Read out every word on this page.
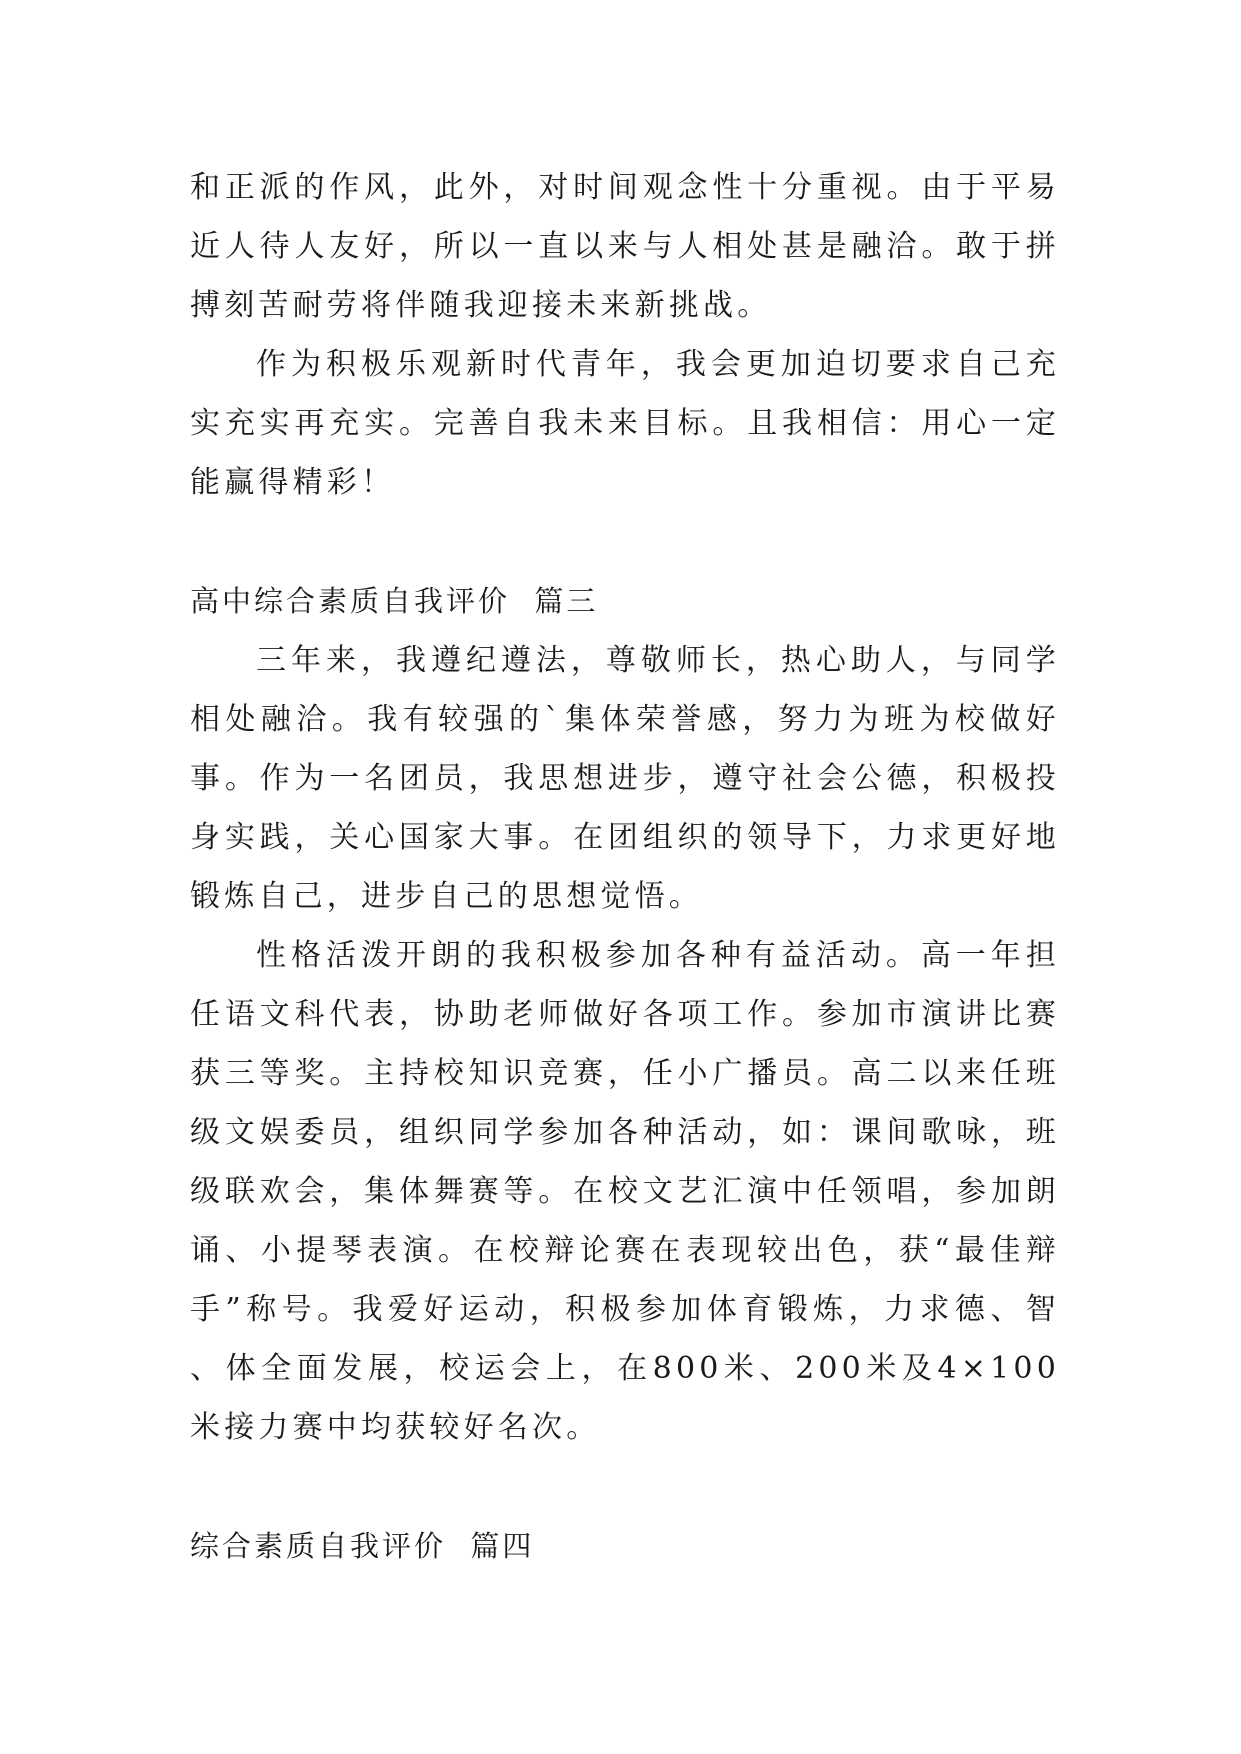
和正派的作风，此外，对时间观念性十分重视。由于平易近人待人友好，所以一直以来与人相处甚是融洽。敢于拼搏刻苦耐劳将伴随我迎接未来新挑战。

作为积极乐观新时代青年，我会更加迫切要求自己充实充实再充实。完善自我未来目标。且我相信：用心一定能赢得精彩！

高中综合素质自我评价  篇三

三年来，我遵纪遵法，尊敬师长，热心助人，与同学相处融洽。我有较强的`集体荣誉感，努力为班为校做好事。作为一名团员，我思想进步，遵守社会公德，积极投身实践，关心国家大事。在团组织的领导下，力求更好地锻炼自己，进步自己的思想觉悟。

性格活泼开朗的我积极参加各种有益活动。高一年担任语文科代表，协助老师做好各项工作。参加市演讲比赛获三等奖。主持校知识竞赛，任小广播员。高二以来任班级文娱委员，组织同学参加各种活动，如：课间歌咏，班级联欢会，集体舞赛等。在校文艺汇演中任领唱，参加朗诵、小提琴表演。在校辩论赛在表现较出色，获“最佳辩手”称号。我爱好运动，积极参加体育锻炼，力求德、智、体全面发展，校运会上，在800米、200米及4×100米接力赛中均获较好名次。

综合素质自我评价  篇四
